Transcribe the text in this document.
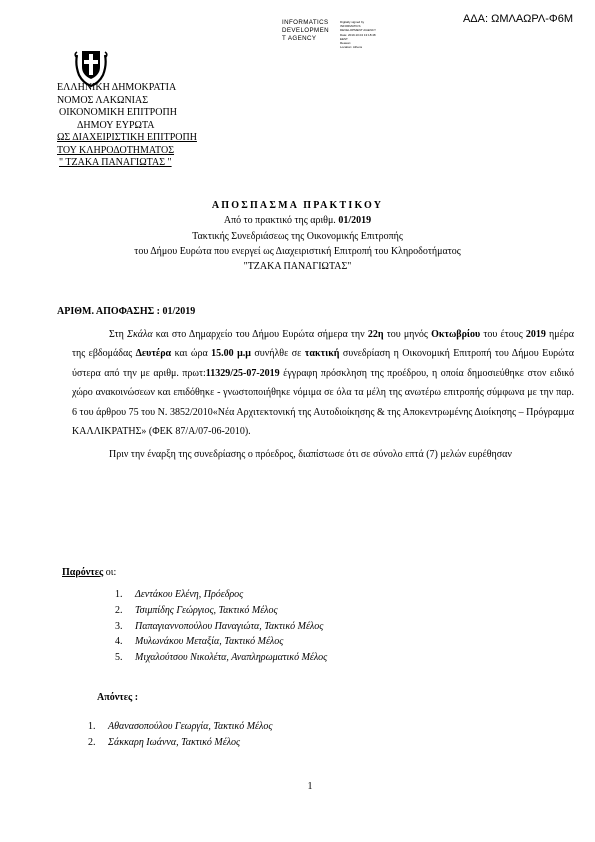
ΑΔΑ: ΩΜΛΑΩΡΛ-Φ6Μ
INFORMATICS
DEVELOPMEN
T AGENCY
Digitally signed by
INFORMATICS
DEVELOPMENT AGENCY
Date: 2019.10.04 13:18:48
EEST
Reason:
Location: Athens
ΕΛΛΗΝΙΚΗ ΔΗΜΟΚΡΑΤΙΑ
ΝΟΜΟΣ ΛΑΚΩΝΙΑΣ
ΟΙΚΟΝΟΜΙΚΗ ΕΠΙΤΡΟΠΗ
ΔΗΜΟΥ ΕΥΡΩΤΑ
ΩΣ ΔΙΑΧΕΙΡΙΣΤΙΚΗ ΕΠΙΤΡΟΠΗ
ΤΟΥ ΚΛΗΡΟΔΟΤΗΜΑΤΟΣ
" ΤΖΑΚΑ ΠΑΝΑΓΙΩΤΑΣ "
ΑΠΟΣΠΑΣΜΑ ΠΡΑΚΤΙΚΟΥ
Από το πρακτικό της αριθμ. 01/2019
Τακτικής Συνεδριάσεως της Οικονομικής Επιτροπής
του Δήμου Ευρώτα που ενεργεί ως Διαχειριστική Επιτροπή του Κληροδοτήματος
"ΤΖΑΚΑ ΠΑΝΑΓΙΩΤΑΣ"
ΑΡΙΘΜ. ΑΠΟΦΑΣΗΣ : 01/2019

Στη Σκάλα και στο Δημαρχείο του Δήμου Ευρώτα σήμερα την 22η του μηνός Οκτωβρίου του έτους 2019 ημέρα της εβδομάδας Δευτέρα και ώρα 15.00 μ.μ συνήλθε σε τακτική συνεδρίαση η Οικονομική Επιτροπή του Δήμου Ευρώτα ύστερα από την με αριθμ. πρωτ:11329/25-07-2019 έγγραφη πρόσκληση της προέδρου, η οποία δημοσιεύθηκε στον ειδικό χώρο ανακοινώσεων και επιδόθηκε - γνωστοποιήθηκε νόμιμα σε όλα τα μέλη της ανωτέρω επιτροπής σύμφωνα με την παρ. 6 του άρθρου 75 του Ν. 3852/2010«Νέα Αρχιτεκτονική της Αυτοδιοίκησης & της Αποκεντρωμένης Διοίκησης – Πρόγραμμα ΚΑΛΛΙΚΡΑΤΗΣ» (ΦΕΚ 87/Α/07-06-2010).

Πριν την έναρξη της συνεδρίασης ο πρόεδρος, διαπίστωσε ότι σε σύνολο επτά (7) μελών ευρέθησαν

Παρόντες οι:
1. Δεντάκου Ελένη, Πρόεδρος
2. Τσιμπίδης Γεώργιος, Τακτικό Μέλος
3. Παπαγιαννοπούλου Παναγιώτα, Τακτικό Μέλος
4. Μυλωνάκου Μεταξία, Τακτικό Μέλος
5. Μιχαλούτσου Νικολέτα, Αναπληρωματικό Μέλος
Απόντες :
1. Αθανασοπούλου Γεωργία, Τακτικό Μέλος
2. Σάκκαρη Ιωάννα, Τακτικό Μέλος
1
